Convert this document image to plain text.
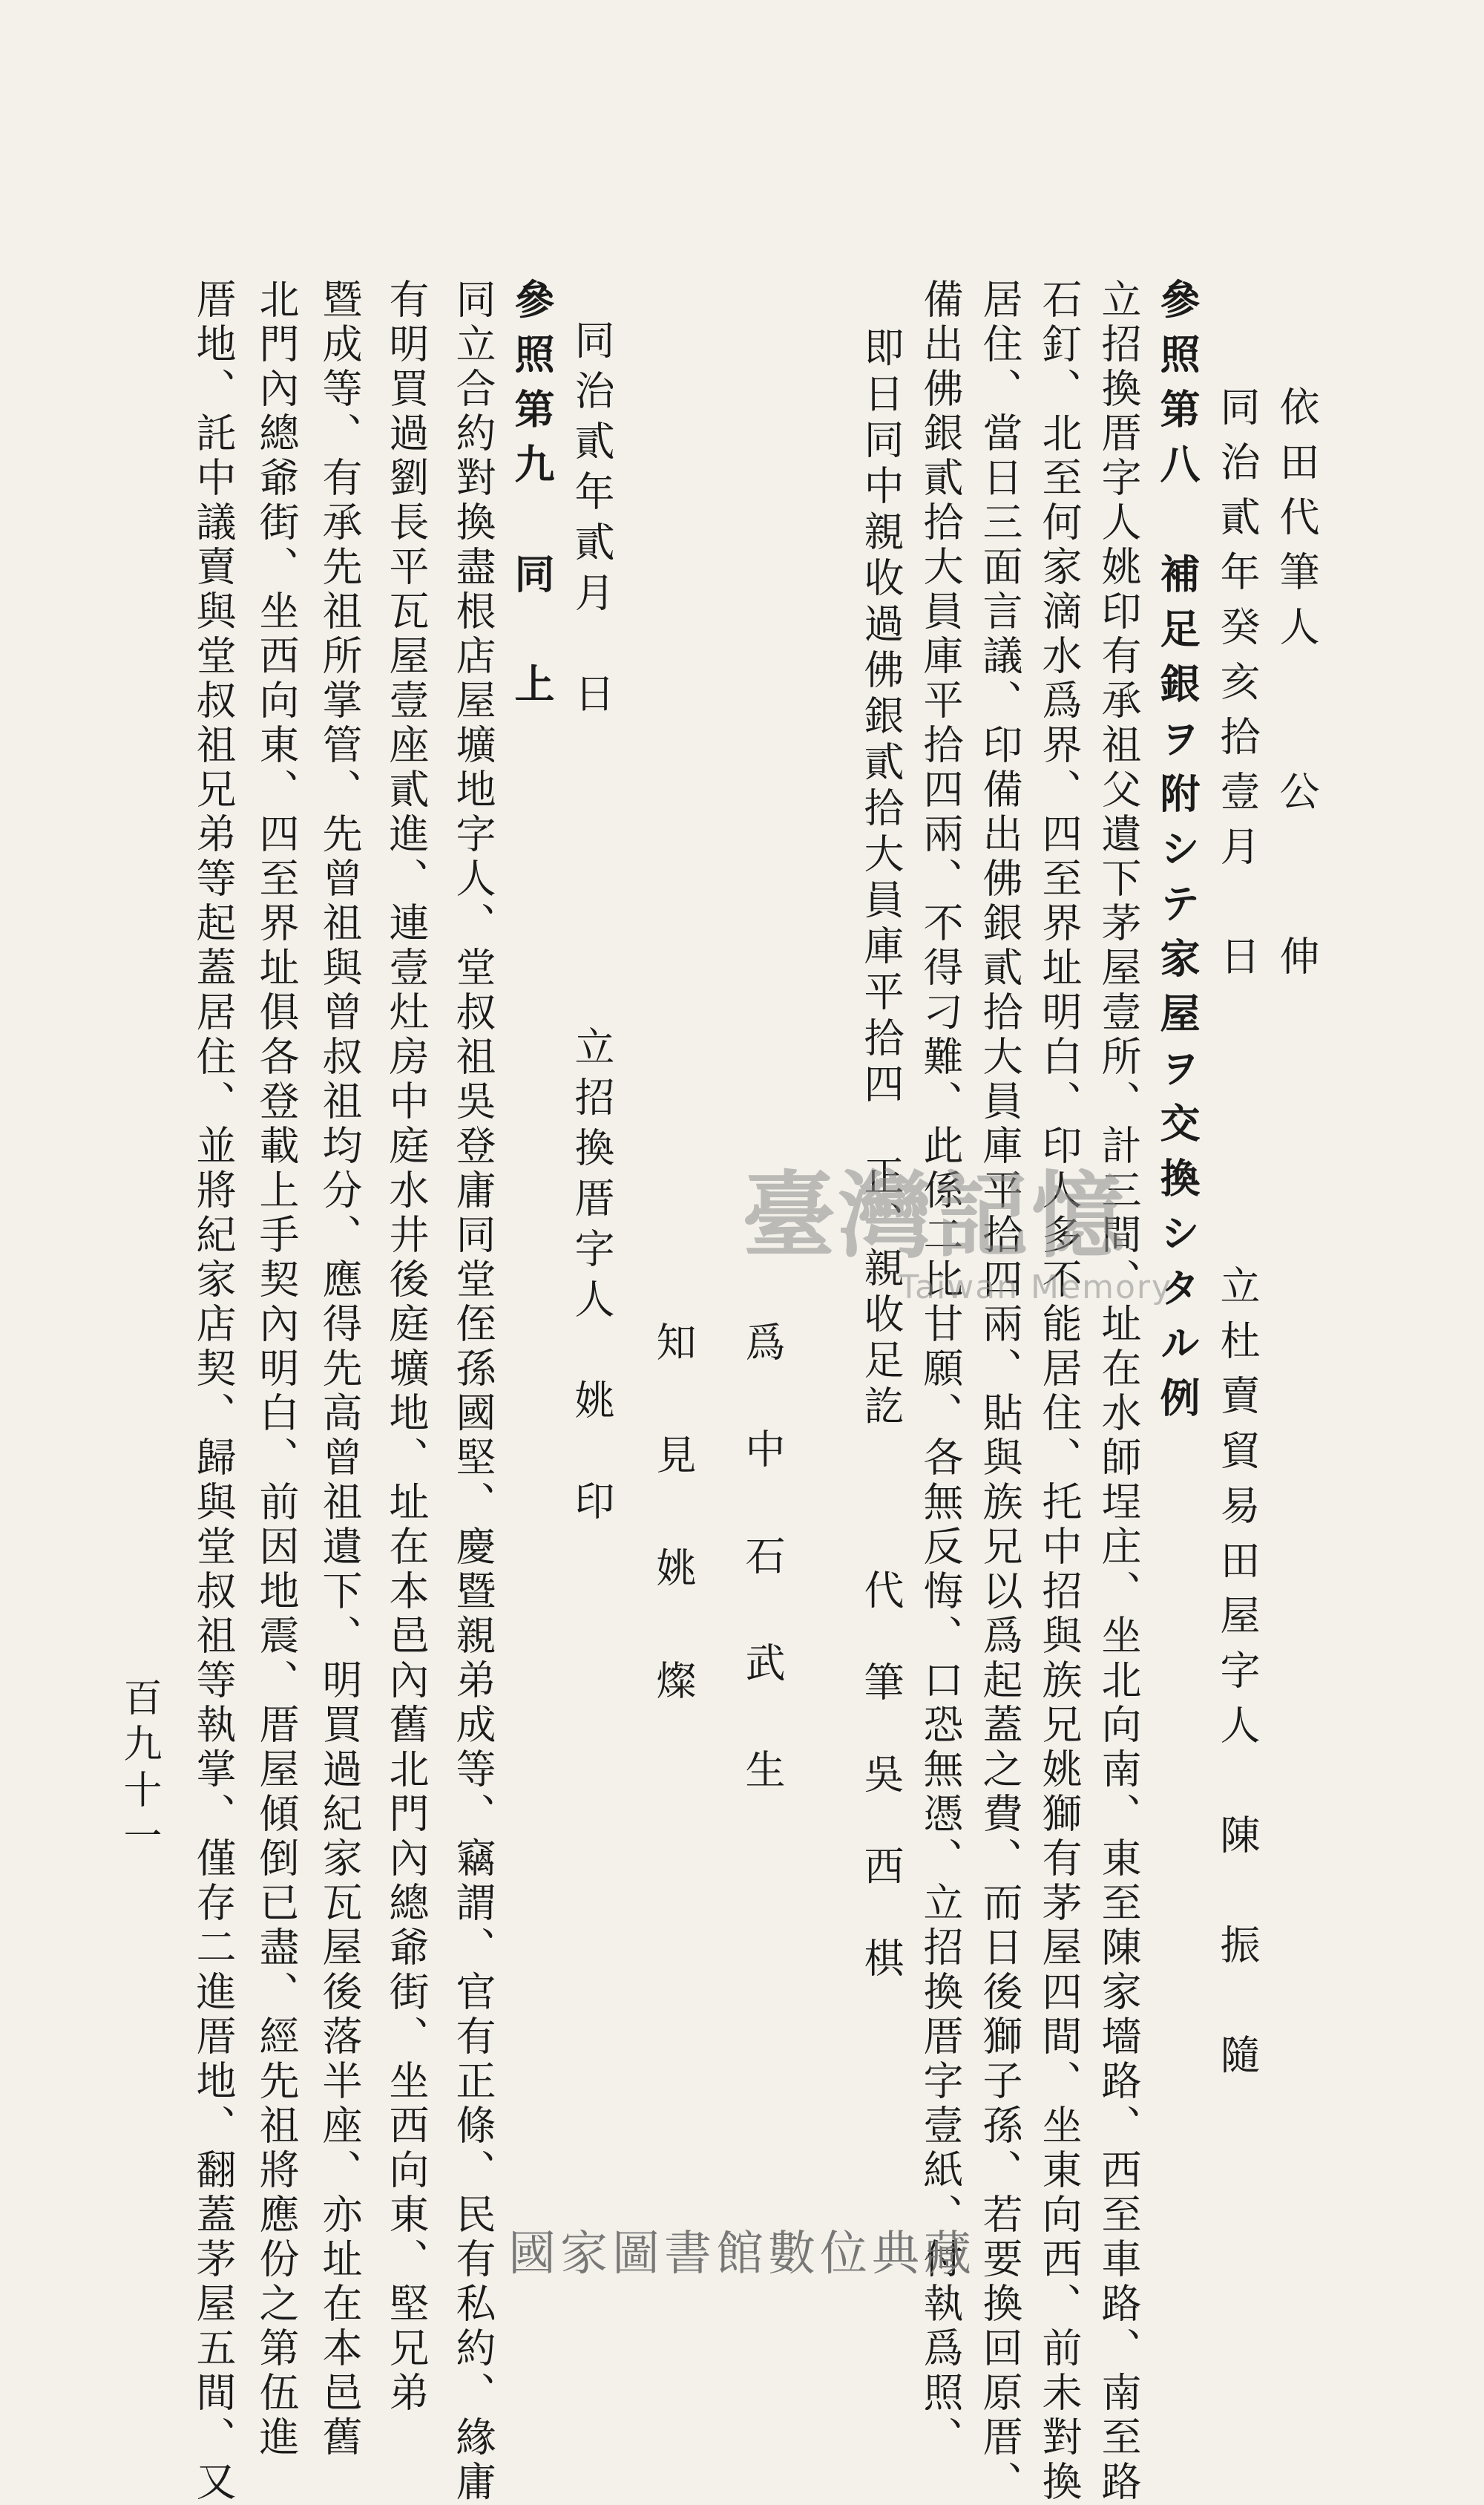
依田代筆人　　公　　伸
同治貳年癸亥拾壹月　日　　　　　立杜賣貿易田屋字人　陳　振　隨
參照第八　補足銀ヲ附シテ家屋ヲ交換シタル例
立招換厝字人姚印有承祖父遺下茅屋壹所、計三間、址在水師埕庄、坐北向南、東至陳家墻路、西至車路、南至路
石釘、北至何家滴水爲界、四至界址明白、印人多不能居住、托中招與族兄姚獅有茅屋四間、坐東向西、前未對換
居住、當日三面言議、印備出佛銀貳拾大員庫平拾四兩、貼與族兄以爲起蓋之費、而日後獅子孫、若要換回原厝、
備出佛銀貳拾大員庫平拾四兩、不得刁難、此係二比甘願、各無反悔、口恐無憑、立招換厝字壹紙、付執爲照、
即日同中親收過佛銀貳拾大員庫平拾四　正、親收足訖　　　代　筆　吳　西　棋
爲　中　石　武　生
知　見　姚　燦
同治貳年貳月　日　　　　　　立招換厝字人　姚　印
參照第九　同　上
同立合約對換盡根店屋壙地字人、堂叔祖吳登庸同堂侄孫國堅、慶暨親弟成等、竊謂、官有正條、民有私約、緣庸
有明買過劉長平瓦屋壹座貳進、連壹灶房中庭水井後庭壙地、址在本邑內舊北門內總爺街、坐西向東、堅兄弟
暨成等、有承先祖所掌管、先曾祖與曾叔祖均分、應得先高曾祖遺下、明買過紀家瓦屋後落半座、亦址在本邑舊
北門內總爺街、坐西向東、四至界址俱各登載上手契內明白、前因地震、厝屋傾倒已盡、經先祖將應份之第伍進
厝地、託中議賣與堂叔祖兄弟等起蓋居住、並將紀家店契、歸與堂叔祖等執掌、僅存二進厝地、翻蓋茅屋五間、又
百九十一
臺灣記憶
Taiwan Memory
國家圖書館數位典藏
